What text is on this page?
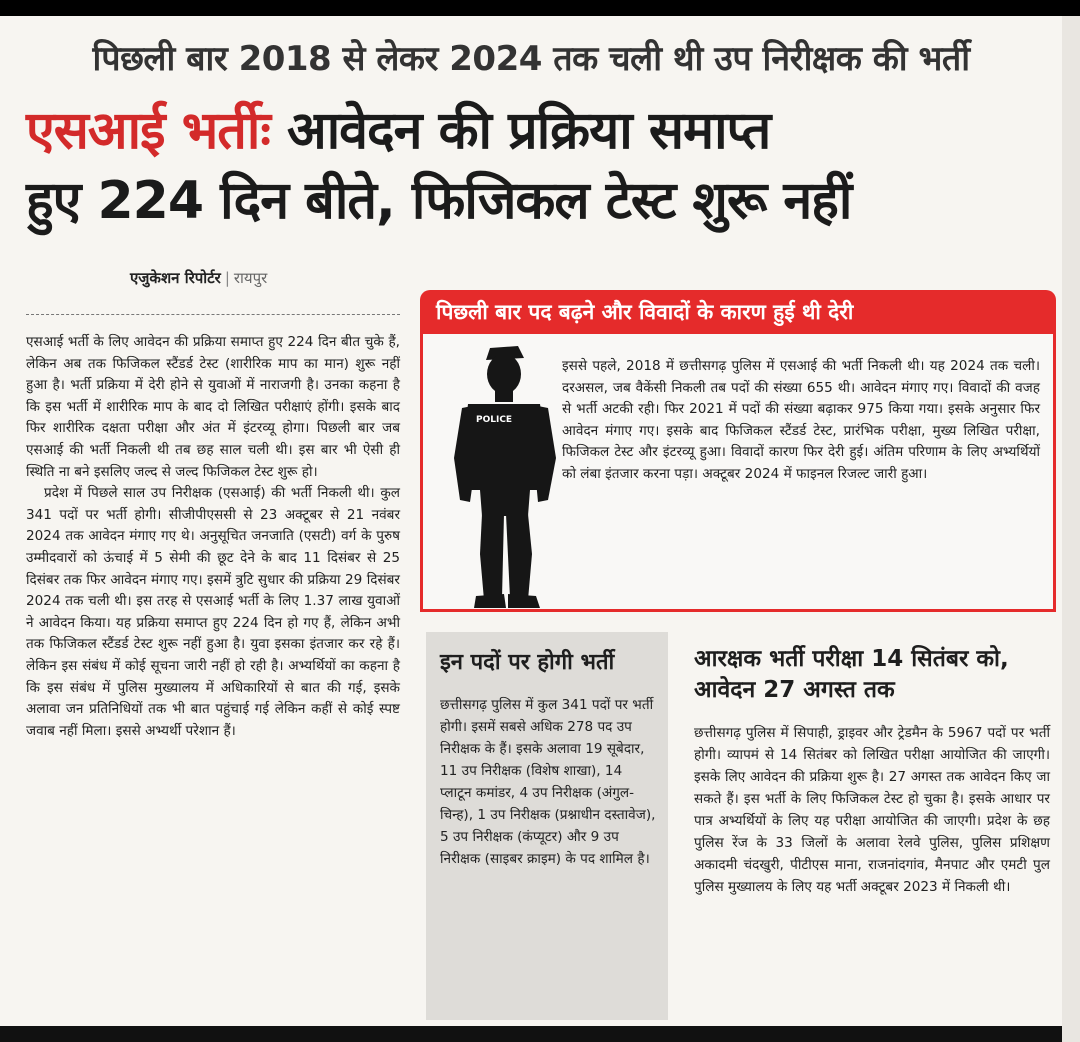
पिछली बार 2018 से लेकर 2024 तक चली थी उप निरीक्षक की भर्ती
एसआई भर्तीः आवेदन की प्रक्रिया समाप्त
हुए 224 दिन बीते, फिजिकल टेस्ट शुरू नहीं
एजुकेशन रिपोर्टर | रायपुर

एसआई भर्ती के लिए आवेदन की प्रक्रिया समाप्त हुए 224 दिन बीत चुके हैं, लेकिन अब तक फिजिकल स्टैंडर्ड टेस्ट (शारीरिक माप का मान) शुरू नहीं हुआ है। भर्ती प्रक्रिया में देरी होने से युवाओं में नाराजगी है। उनका कहना है कि इस भर्ती में शारीरिक माप के बाद दो लिखित परीक्षाएं होंगी। इसके बाद फिर शारीरिक दक्षता परीक्षा और अंत में इंटरव्यू होगा। पिछली बार जब एसआई की भर्ती निकली थी तब छह साल चली थी। इस बार भी ऐसी ही स्थिति ना बने इसलिए जल्द से जल्द फिजिकल टेस्ट शुरू हो।

प्रदेश में पिछले साल उप निरीक्षक (एसआई) की भर्ती निकली थी। कुल 341 पदों पर भर्ती होगी। सीजीपीएससी से 23 अक्टूबर से 21 नवंबर 2024 तक आवेदन मंगाए गए थे। अनुसूचित जनजाति (एसटी) वर्ग के पुरुष उम्मीदवारों को ऊंचाई में 5 सेमी की छूट देने के बाद 11 दिसंबर से 25 दिसंबर तक फिर आवेदन मंगाए गए। इसमें त्रुटि सुधार की प्रक्रिया 29 दिसंबर 2024 तक चली थी। इस तरह से एसआई भर्ती के लिए 1.37 लाख युवाओं ने आवेदन किया। यह प्रक्रिया समाप्त हुए 224 दिन हो गए हैं, लेकिन अभी तक फिजिकल स्टैंडर्ड टेस्ट शुरू नहीं हुआ है। युवा इसका इंतजार कर रहे हैं। लेकिन इस संबंध में कोई सूचना जारी नहीं हो रही है। अभ्यर्थियों का कहना है कि इस संबंध में पुलिस मुख्यालय में अधिकारियों से बात की गई, इसके अलावा जन प्रतिनिधियों तक भी बात पहुंचाई गई लेकिन कहीं से कोई स्पष्ट जवाब नहीं मिला। इससे अभ्यर्थी परेशान हैं।

पिछली बार पद बढ़ने और विवादों के कारण हुई थी देरी
POLICE
इससे पहले, 2018 में छत्तीसगढ़ पुलिस में एसआई की भर्ती निकली थी। यह 2024 तक चली। दरअसल, जब वैकेंसी निकली तब पदों की संख्या 655 थी। आवेदन मंगाए गए। विवादों की वजह से भर्ती अटकी रही। फिर 2021 में पदों की संख्या बढ़ाकर 975 किया गया। इसके अनुसार फिर आवेदन मंगाए गए। इसके बाद फिजिकल स्टैंडर्ड टेस्ट, प्रारंभिक परीक्षा, मुख्य लिखित परीक्षा, फिजिकल टेस्ट और इंटरव्यू हुआ। विवादों कारण फिर देरी हुई। अंतिम परिणाम के लिए अभ्यर्थियों को लंबा इंतजार करना पड़ा। अक्टूबर 2024 में फाइनल रिजल्ट जारी हुआ।
इन पदों पर होगी भर्ती
छत्तीसगढ़ पुलिस में कुल 341 पदों पर भर्ती होगी। इसमें सबसे अधिक 278 पद उप निरीक्षक के हैं। इसके अलावा 19 सूबेदार, 11 उप निरीक्षक (विशेष शाखा), 14 प्लाटून कमांडर, 4 उप निरीक्षक (अंगुल-चिन्ह), 1 उप निरीक्षक (प्रश्नाधीन दस्तावेज), 5 उप निरीक्षक (कंप्यूटर) और 9 उप निरीक्षक (साइबर क्राइम) के पद शामिल है।
आरक्षक भर्ती परीक्षा 14 सितंबर को, आवेदन 27 अगस्त तक
छत्तीसगढ़ पुलिस में सिपाही, ड्राइवर और ट्रेडमैन के 5967 पदों पर भर्ती होगी। व्यापमं से 14 सितंबर को लिखित परीक्षा आयोजित की जाएगी। इसके लिए आवेदन की प्रक्रिया शुरू है। 27 अगस्त तक आवेदन किए जा सकते हैं। इस भर्ती के लिए फिजिकल टेस्ट हो चुका है। इसके आधार पर पात्र अभ्यर्थियों के लिए यह परीक्षा आयोजित की जाएगी। प्रदेश के छह पुलिस रेंज के 33 जिलों के अलावा रेलवे पुलिस, पुलिस प्रशिक्षण अकादमी चंदखुरी, पीटीएस माना, राजनांदगांव, मैनपाट और एमटी पुल पुलिस मुख्यालय के लिए यह भर्ती अक्टूबर 2023 में निकली थी।
